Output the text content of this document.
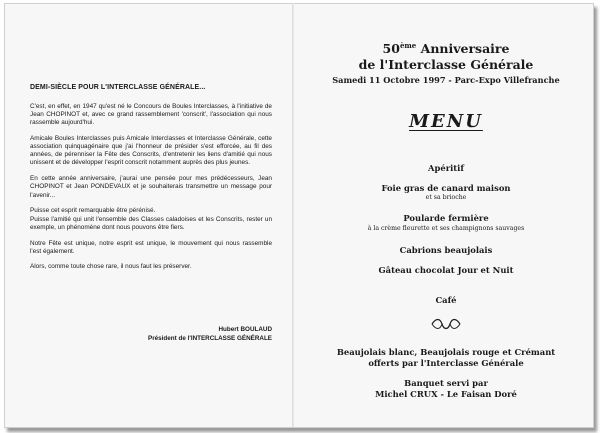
DEMI-SIÈCLE POUR L'INTERCLASSE GÉNÉRALE...

C'est, en effet, en 1947 qu'est né le Concours de Boules Interclasses, à l'initiative de Jean CHOPINOT et, avec ce grand rassemblement 'conscrit', l'association qui nous rassemble aujourd'hui.

Amicale Boules Interclasses puis Amicale Interclasses et Interclasse Générale, cette association quinquagénaire que j'ai l'honneur de présider s'est efforcée, au fil des années, de pérenniser la Fête des Conscrits, d'entretenir les liens d'amitié qui nous unissent et de développer l'esprit conscrit notamment auprès des plus jeunes.

En cette année anniversaire, j'aurai une pensée pour mes prédécesseurs, Jean CHOPINOT et Jean PONDEVAUX et je souhaiterais transmettre un message pour l'avenir...

Puisse cet esprit remarquable être pérénisé.
Puisse l'amitié qui unit l'ensemble des Classes caladoises et les Conscrits, rester un exemple, un phénomène dont nous pouvons être fiers.

Notre Fête est unique, notre esprit est unique, le mouvement qui nous rassemble l'est également.

Alors, comme toute chose rare, il nous faut les préserver.

Hubert BOULAUD
Président de l'INTERCLASSE GÉNÉRALE
50ème Anniversaire
de l'Interclasse Générale
Samedi 11 Octobre 1997 - Parc-Expo Villefranche
MENU
Apéritif
Foie gras de canard maison
et sa brioche
Poularde fermière
à la crème fleurette et ses champignons sauvages
Cabrions beaujolais
Gâteau chocolat Jour et Nuit
Café
Beaujolais blanc, Beaujolais rouge et Crémant
offerts par l'Interclasse Générale
Banquet servi par
Michel CRUX - Le Faisan Doré
